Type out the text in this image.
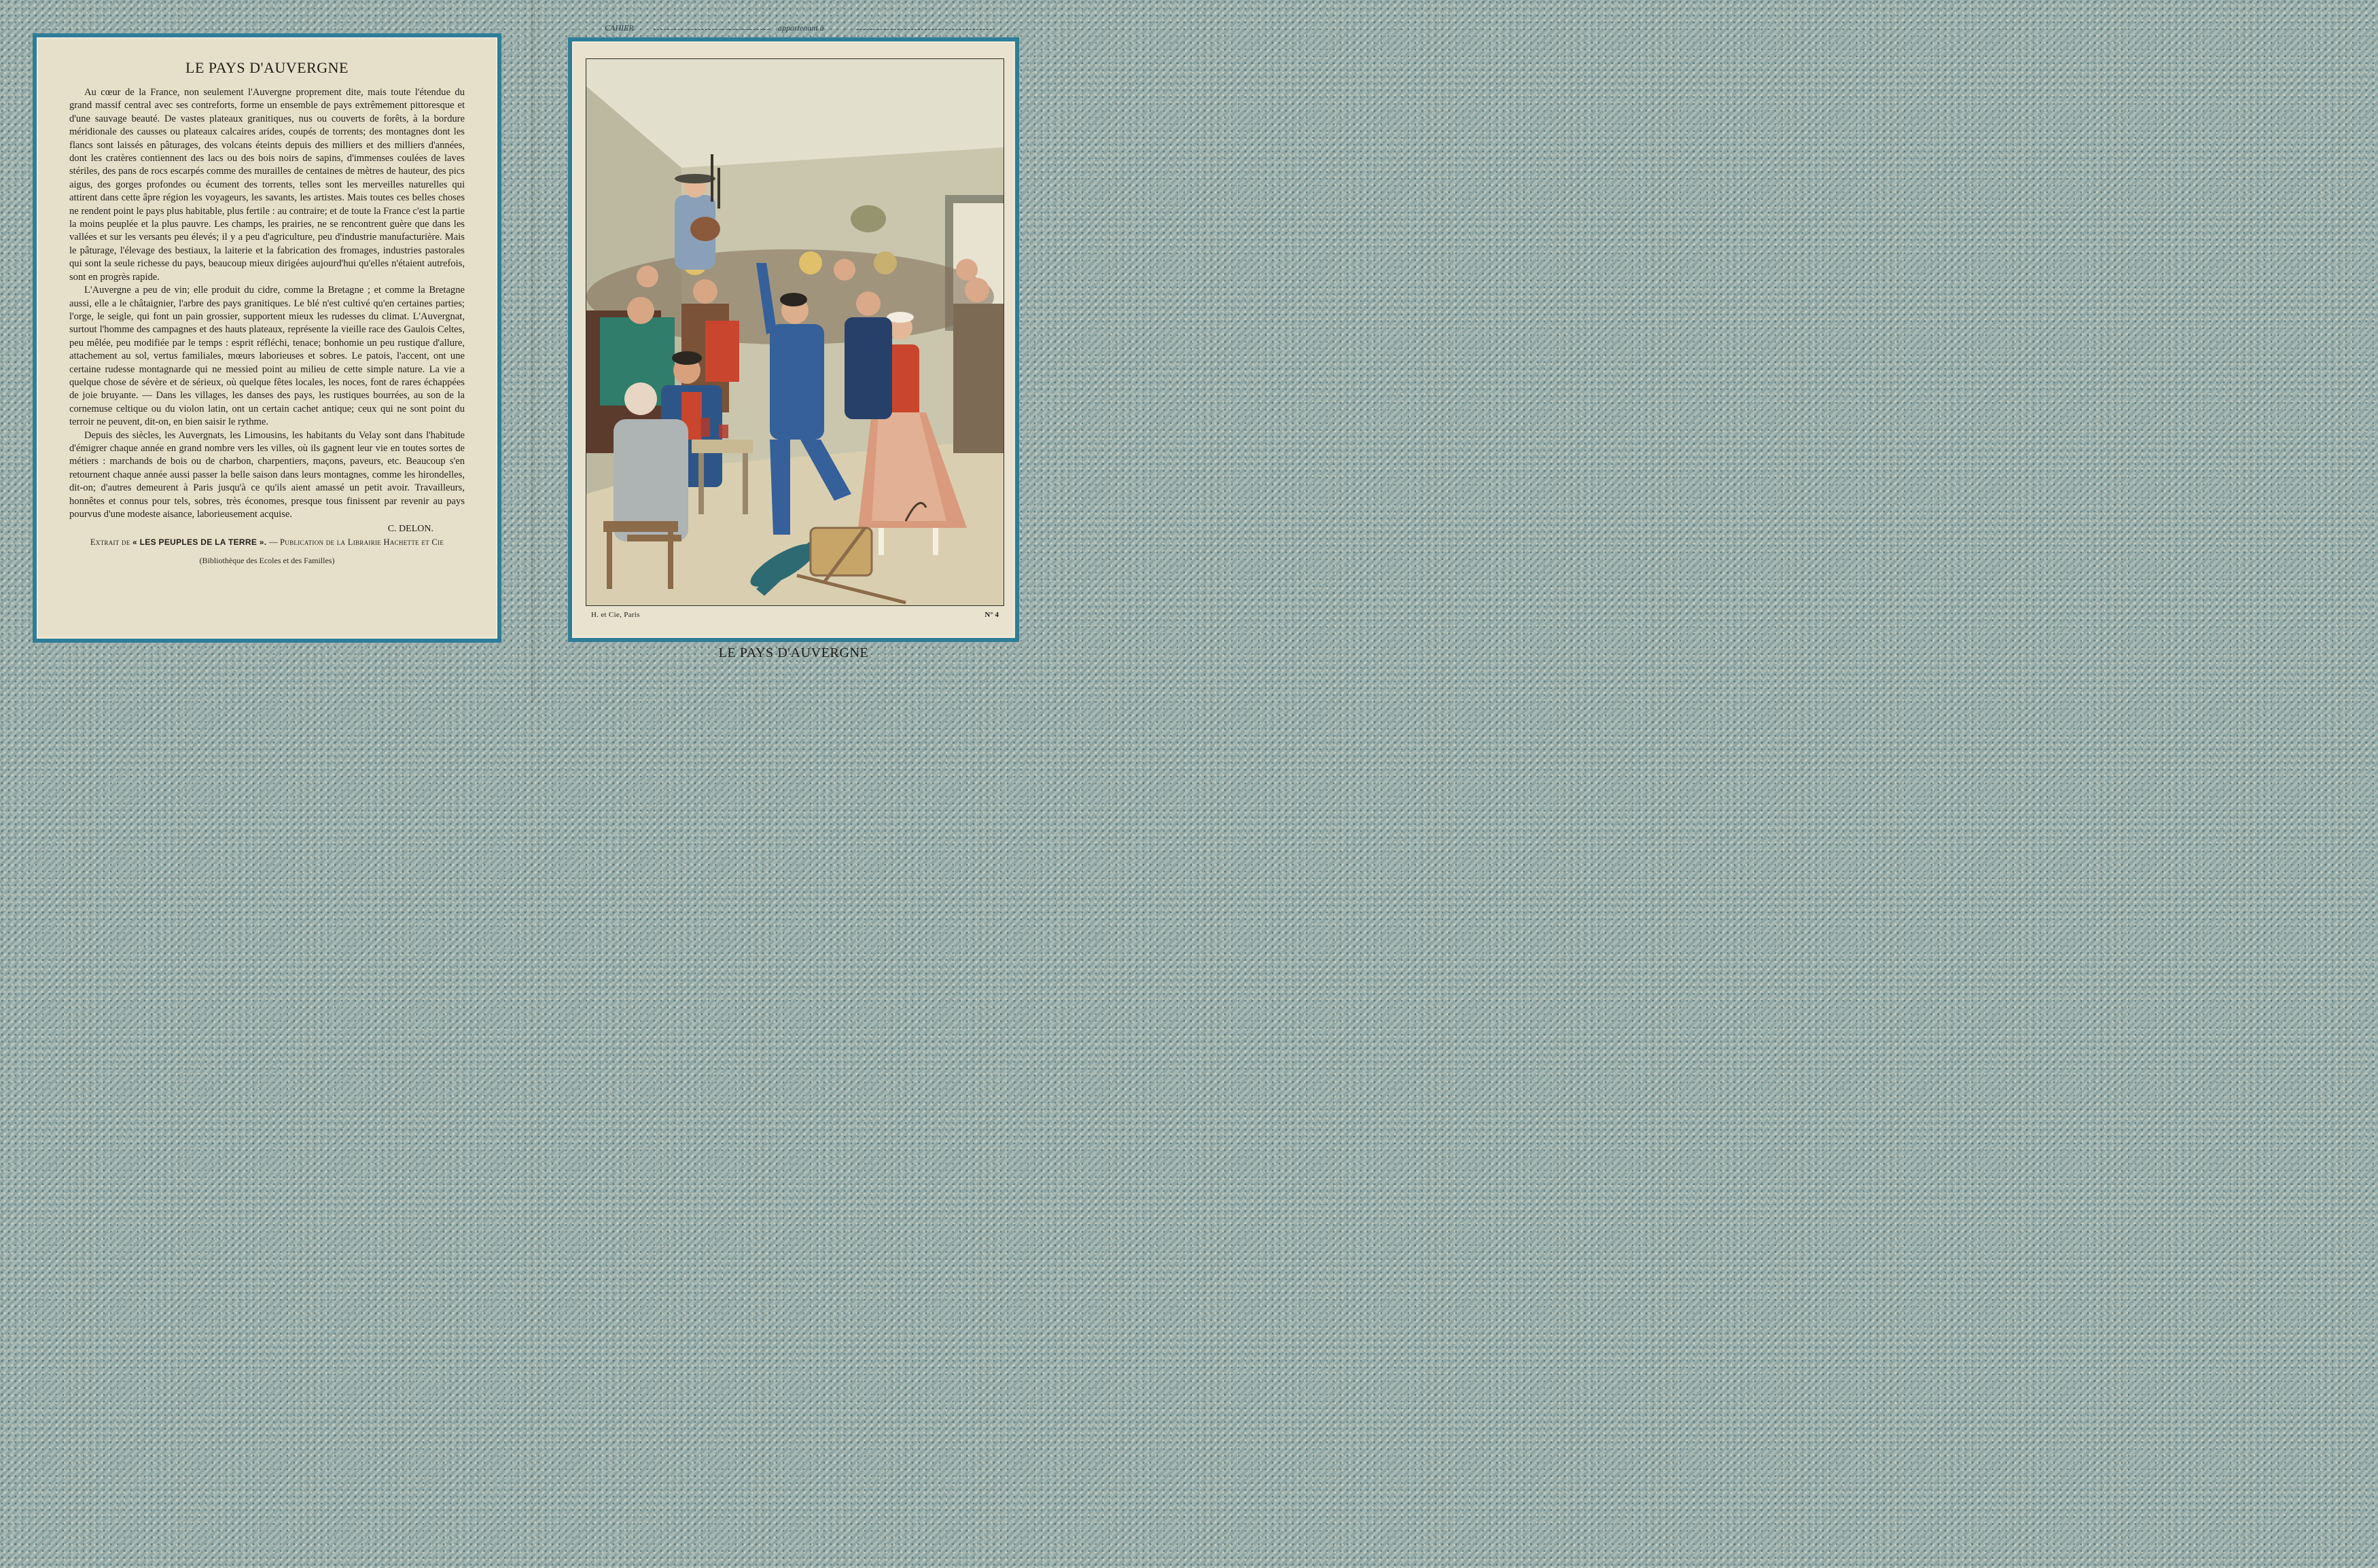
LE PAYS D'AUVERGNE

Au cœur de la France, non seulement l'Auvergne proprement dite, mais toute l'étendue du grand massif central avec ses contreforts, forme un ensemble de pays extrêmement pittoresque et d'une sauvage beauté. De vastes plateaux granitiques, nus ou couverts de forêts, à la bordure méridionale des causses ou plateaux calcaires arides, coupés de torrents; des montagnes dont les flancs sont laissés en pâturages, des volcans éteints depuis des milliers et des milliers d'années, dont les cratères contiennent des lacs ou des bois noirs de sapins, d'immenses coulées de laves stériles, des pans de rocs escarpés comme des murailles de centaines de mètres de hauteur, des pics aigus, des gorges profondes ou écument des torrents, telles sont les merveilles naturelles qui attirent dans cette âpre région les voyageurs, les savants, les artistes. Mais toutes ces belles choses ne rendent point le pays plus habitable, plus fertile : au contraire; et de toute la France c'est la partie la moins peuplée et la plus pauvre. Les champs, les prairies, ne se rencontrent guère que dans les vallées et sur les versants peu élevés; il y a peu d'agriculture, peu d'industrie manufacturière. Mais le pâturage, l'élevage des bestiaux, la laiterie et la fabrication des fromages, industries pastorales qui sont la seule richesse du pays, beaucoup mieux dirigées aujourd'hui qu'elles n'étaient autrefois, sont en progrès rapide.

L'Auvergne a peu de vin; elle produit du cidre, comme la Bretagne ; et comme la Bretagne aussi, elle a le châtaignier, l'arbre des pays granitiques. Le blé n'est cultivé qu'en certaines parties; l'orge, le seigle, qui font un pain grossier, supportent mieux les rudesses du climat. L'Auvergnat, surtout l'homme des campagnes et des hauts plateaux, représente la vieille race des Gaulois Celtes, peu mêlée, peu modifiée par le temps : esprit réfléchi, tenace; bonhomie un peu rustique d'allure, attachement au sol, vertus familiales, mœurs laborieuses et sobres. Le patois, l'accent, ont une certaine rudesse montagnarde qui ne messied point au milieu de cette simple nature. La vie a quelque chose de sévère et de sérieux, où quelque fêtes locales, les noces, font de rares échappées de joie bruyante. — Dans les villages, les danses des pays, les rustiques bourrées, au son de la cornemuse celtique ou du violon latin, ont un certain cachet antique; ceux qui ne sont point du terroir ne peuvent, dit-on, en bien saisir le rythme.

Depuis des siècles, les Auvergnats, les Limousins, les habitants du Velay sont dans l'habitude d'émigrer chaque année en grand nombre vers les villes, où ils gagnent leur vie en toutes sortes de métiers : marchands de bois ou de charbon, charpentiers, maçons, paveurs, etc. Beaucoup s'en retournent chaque année aussi passer la belle saison dans leurs montagnes, comme les hirondelles, dit-on; d'autres demeurent à Paris jusqu'à ce qu'ils aient amassé un petit avoir. Travailleurs, honnêtes et connus pour tels, sobres, très économes, presque tous finissent par revenir au pays pourvus d'une modeste aisance, laborieusement acquise.

C. DELON.
Extrait de « LES PEUPLES DE LA TERRE ». — Publication de la Librairie Hachette et Cie
(Bibliothèque des Ecoles et des Familles)
CAHIER	appartenant à
H. et Cie, Paris	N° 4
LE PAYS D'AUVERGNE
